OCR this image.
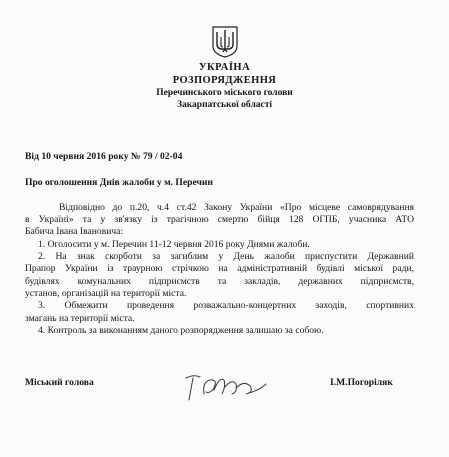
УКРАЇНА
РОЗПОРЯДЖЕННЯ
Перечинського міського голови
Закарпатської області
Від 10 червня 2016 року № 79 / 02-04
Про оголошення Днів жалоби у м. Перечин
Відповідно до п.20, ч.4 ст.42 Закону України «Про місцеве самоврядування
в Україні» та у зв'язку із трагічною смертю бійця 128 ОГПБ, учасника АТО
Бабича Івана Івановича:
1. Оголосити у м. Перечин 11-12 червня 2016 року Днями жалоби.
2. На знак скорботи за загиблим у День жалоби приспустити Державний
Прапор України із траурною стрічкою на адміністративній будівлі міської ради,
будівлях комунальних підприємств та закладів, державних підприємств,
установ, організацій на території міста.
3. Обмежити проведення розважально-концертних заходів, спортивних
змагань на території міста.
4. Контроль за виконанням даного розпорядження залишаю за собою.
Міський голова	І.М.Погоріляк
